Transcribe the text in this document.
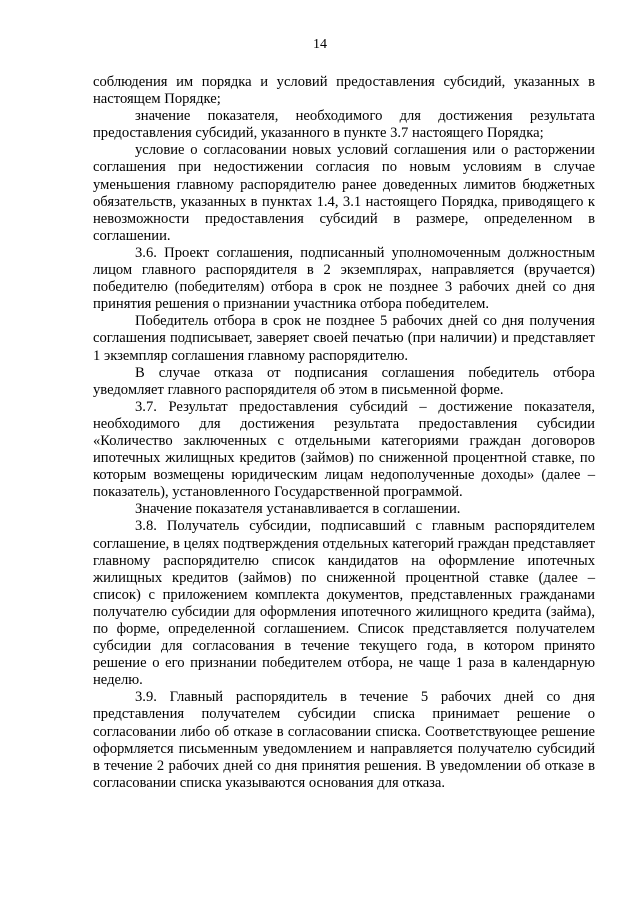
14

соблюдения им порядка и условий предоставления субсидий, указанных в настоящем Порядке;

значение показателя, необходимого для достижения результата предоставления субсидий, указанного в пункте 3.7 настоящего Порядка;

условие о согласовании новых условий соглашения или о расторжении соглашения при недостижении согласия по новым условиям в случае уменьшения главному распорядителю ранее доведенных лимитов бюджетных обязательств, указанных в пунктах 1.4, 3.1 настоящего Порядка, приводящего к невозможности предоставления субсидий в размере, определенном в соглашении.

3.6. Проект соглашения, подписанный уполномоченным должностным лицом главного распорядителя в 2 экземплярах, направляется (вручается) победителю (победителям) отбора в срок не позднее 3 рабочих дней со дня принятия решения о признании участника отбора победителем.

Победитель отбора в срок не позднее 5 рабочих дней со дня получения соглашения подписывает, заверяет своей печатью (при наличии) и представляет 1 экземпляр соглашения главному распорядителю.

В случае отказа от подписания соглашения победитель отбора уведомляет главного распорядителя об этом в письменной форме.

3.7. Результат предоставления субсидий – достижение показателя, необходимого для достижения результата предоставления субсидии «Количество заключенных с отдельными категориями граждан договоров ипотечных жилищных кредитов (займов) по сниженной процентной ставке, по которым возмещены юридическим лицам недополученные доходы» (далее – показатель), установленного Государственной программой.

Значение показателя устанавливается в соглашении.

3.8. Получатель субсидии, подписавший с главным распорядителем соглашение, в целях подтверждения отдельных категорий граждан представляет главному распорядителю список кандидатов на оформление ипотечных жилищных кредитов (займов) по сниженной процентной ставке (далее – список) с приложением комплекта документов, представленных гражданами получателю субсидии для оформления ипотечного жилищного кредита (займа), по форме, определенной соглашением. Список представляется получателем субсидии для согласования в течение текущего года, в котором принято решение о его признании победителем отбора, не чаще 1 раза в календарную неделю.

3.9. Главный распорядитель в течение 5 рабочих дней со дня представления получателем субсидии списка принимает решение о согласовании либо об отказе в согласовании списка. Соответствующее решение оформляется письменным уведомлением и направляется получателю субсидий в течение 2 рабочих дней со дня принятия решения. В уведомлении об отказе в согласовании списка указываются основания для отказа.
